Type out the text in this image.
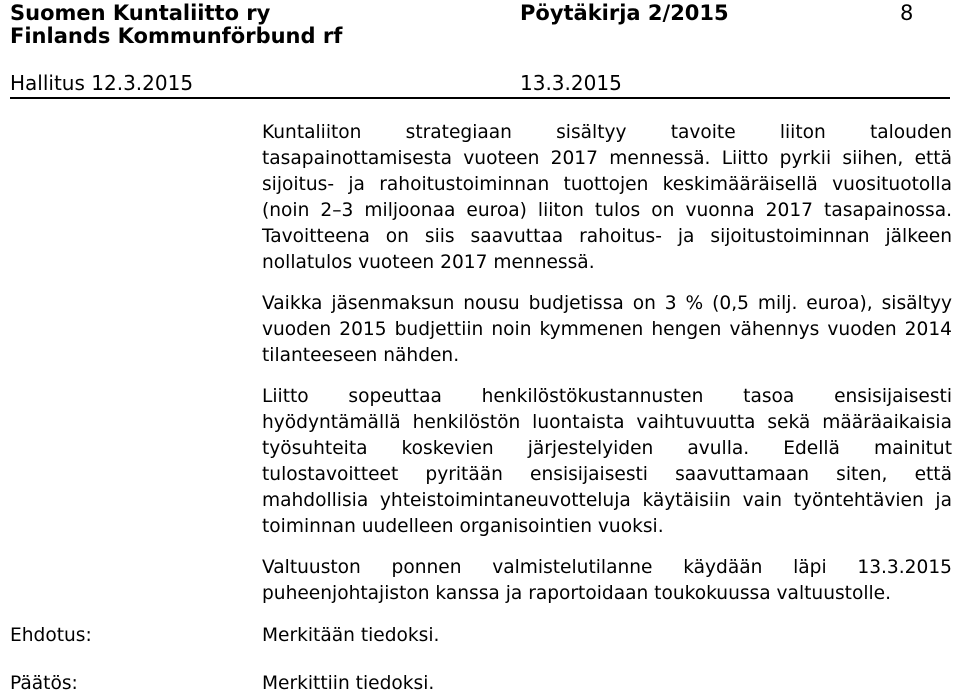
Suomen Kuntaliitto ry
Finlands Kommunförbund rf
Pöytäkirja 2/2015	8
Hallitus 12.3.2015	13.3.2015

Kuntaliiton strategiaan sisältyy tavoite liiton talouden tasapainottamisesta vuoteen 2017 mennessä. Liitto pyrkii siihen, että sijoitus- ja rahoitustoiminnan tuottojen keskimääräisellä vuosituotolla (noin 2–3 miljoonaa euroa) liiton tulos on vuonna 2017 tasapainossa. Tavoitteena on siis saavuttaa rahoitus- ja sijoitustoiminnan jälkeen nollatulos vuoteen 2017 mennessä.

Vaikka jäsenmaksun nousu budjetissa on 3 % (0,5 milj. euroa), sisältyy vuoden 2015 budjettiin noin kymmenen hengen vähennys vuoden 2014 tilanteeseen nähden.

Liitto sopeuttaa henkilöstökustannusten tasoa ensisijaisesti hyödyntämällä henkilöstön luontaista vaihtuvuutta sekä määräaikaisia työsuhteita koskevien järjestelyiden avulla. Edellä mainitut tulostavoitteet pyritään ensisijaisesti saavuttamaan siten, että mahdollisia yhteistoimintaneuvotteluja käytäisiin vain työntehtävien ja toiminnan uudelleen organisointien vuoksi.

Valtuuston ponnen valmistelutilanne käydään läpi 13.3.2015 puheenjohtajiston kanssa ja raportoidaan toukokuussa valtuustolle.

Ehdotus:	Merkitään tiedoksi.
Päätös:	Merkittiin tiedoksi.
